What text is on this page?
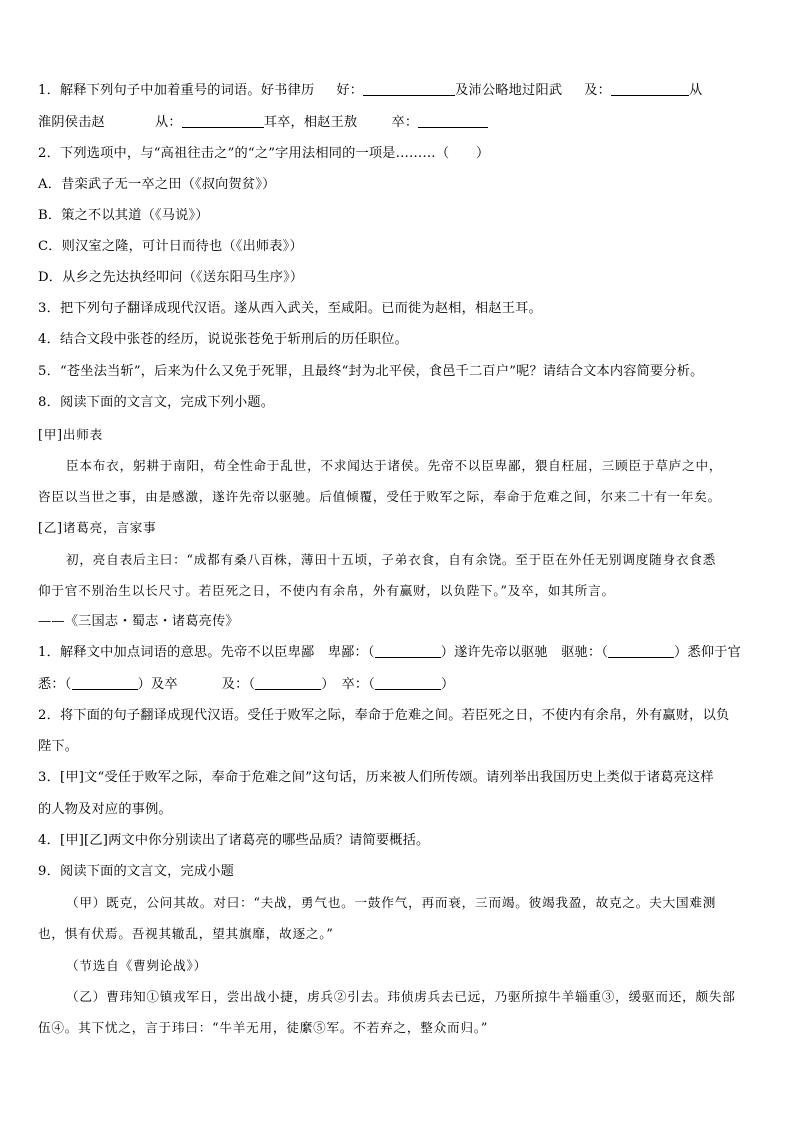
1．解释下列句子中加着重号的词语。好书律历 好：	及沛公略地过阳武 及：	从
淮阴侯击赵	从：	耳卒，相赵王敖	卒：
2．下列选项中，与“高祖往击之”的“之”字用法相同的一项是………（　　）
A．昔栾武子无一卒之田（《叔向贺贫》）
B．策之不以其道（《马说》）
C．则汉室之隆，可计日而待也（《出师表》）
D．从乡之先达执经叩问（《送东阳马生序》）
3．把下列句子翻译成现代汉语。遂从西入武关，至咸阳。已而徙为赵相，相赵王耳。
4．结合文段中张苍的经历，说说张苍免于斩刑后的历任职位。
5．“苍坐法当斩”，后来为什么又免于死罪，且最终“封为北平侯，食邑千二百户”呢？请结合文本内容简要分析。
8．阅读下面的文言文，完成下列小题。
[甲]出师表
臣本布衣，躬耕于南阳，苟全性命于乱世，不求闻达于诸侯。先帝不以臣卑鄙，猥自枉屈，三顾臣于草庐之中，
咨臣以当世之事，由是感激，遂许先帝以驱驰。后值倾覆，受任于败军之际，奉命于危难之间，尔来二十有一年矣。
[乙]诸葛亮，言家事
初，亮自表后主曰：“成都有桑八百株，薄田十五顷，子弟衣食，自有余饶。至于臣在外任无别调度随身衣食悉
仰于官不别治生以长尺寸。若臣死之日，不使内有余帛，外有赢财，以负陛下。”及卒，如其所言。
——《三国志・蜀志・诸葛亮传》
1．解释文中加点词语的意思。先帝不以臣卑鄙　卑鄙：（	）遂许先帝以驱驰　驱驰：（	）悉仰于官
悉：（	）及卒	及：（	）　卒：（	）
2．将下面的句子翻译成现代汉语。受任于败军之际，奉命于危难之间。若臣死之日，不使内有余帛，外有赢财，以负
陛下。
3．[甲]文“受任于败军之际，奉命于危难之间”这句话，历来被人们所传颂。请列举出我国历史上类似于诸葛亮这样
的人物及对应的事例。
4．[甲][乙]两文中你分别读出了诸葛亮的哪些品质？请简要概括。
9．阅读下面的文言文，完成小题
（甲）既克，公问其故。对曰：“夫战，勇气也。一鼓作气，再而衰，三而竭。彼竭我盈，故克之。夫大国难测
也，惧有伏焉。吾视其辙乱，望其旗靡，故逐之。”
（节选自《曹刿论战》）
（乙）曹玮知①镇戎军日，尝出战小捷，虏兵②引去。玮侦虏兵去已远，乃驱所掠牛羊辎重③，缓驱而还，颇失部
伍④。其下忧之，言于玮曰：“牛羊无用，徒縻⑤军。不若弃之，整众而归。”
